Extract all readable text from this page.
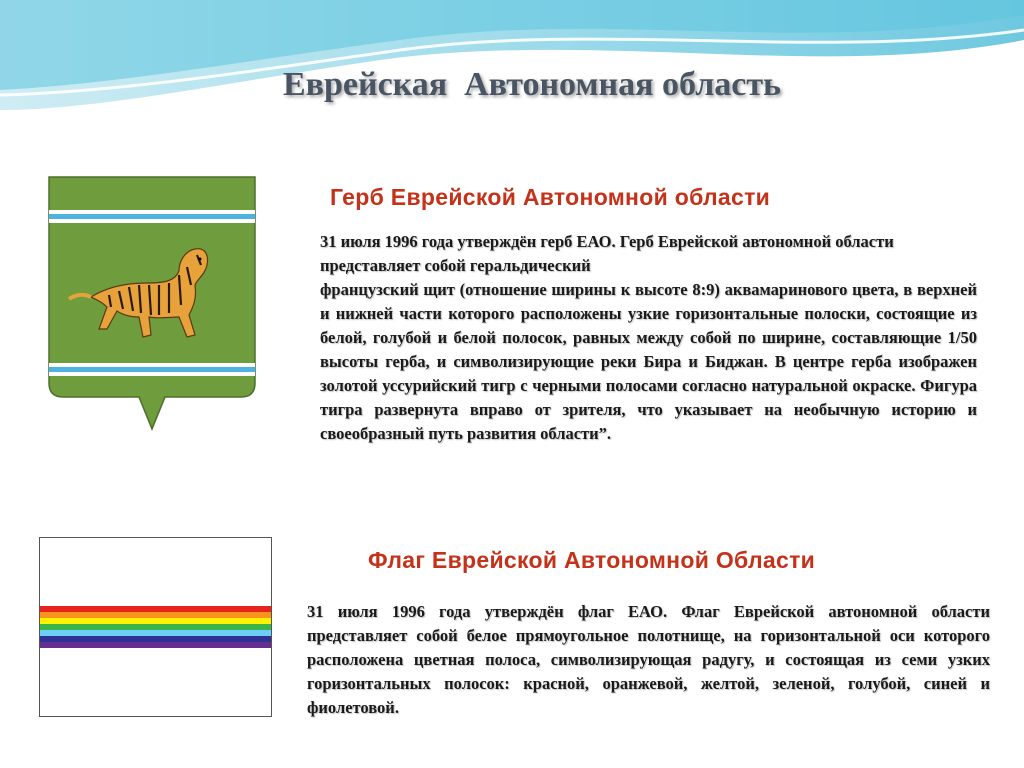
Еврейская  Автономная область
Герб Еврейской Автономной области

31 июля 1996 года утверждён герб ЕАО. Герб Еврейской автономной области представляет собой геральдический

французский щит (отношение ширины к высоте 8:9) аквамаринового цвета, в верхней и нижней части которого расположены узкие горизонтальные полоски, состоящие из белой, голубой и белой полосок, равных между собой по ширине, составляющие 1/50 высоты герба, и символизирующие реки Бира и Биджан. В центре герба изображен золотой уссурийский тигр с черными полосами согласно натуральной окраске. Фигура тигра развернута вправо от зрителя, что указывает на необычную историю и своеобразный путь развития области”.

Флаг Еврейской Автономной Области
31 июля 1996 года утверждён флаг ЕАО. Флаг Еврейской автономной области представляет собой белое прямоугольное полотнище, на горизонтальной оси которого расположена цветная полоса, символизирующая радугу, и состоящая из семи узких горизонтальных полосок: красной, оранжевой, желтой, зеленой, голубой, синей и фиолетовой.
